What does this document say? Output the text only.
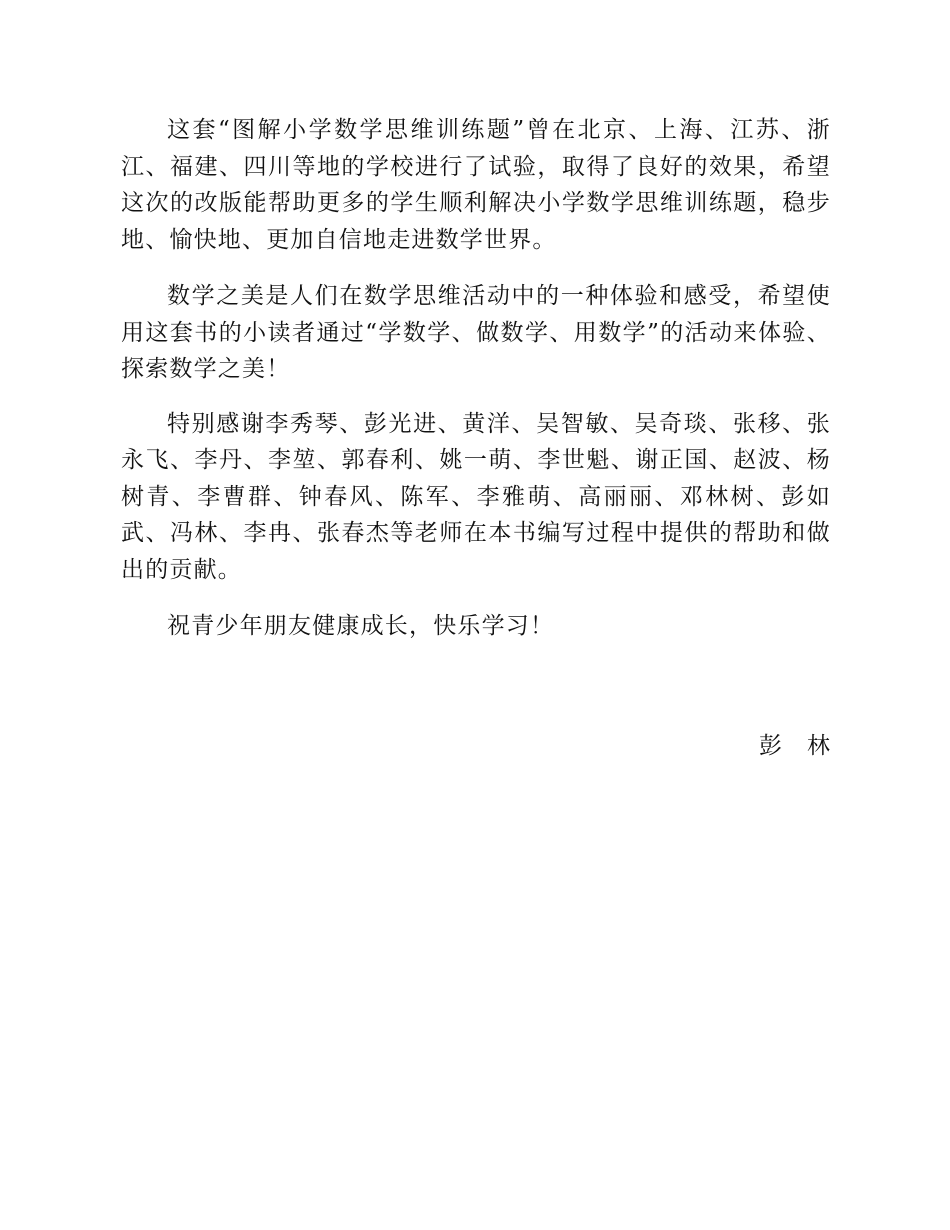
这套“图解小学数学思维训练题”曾在北京、上海、江苏、浙江、福建、四川等地的学校进行了试验，取得了良好的效果，希望这次的改版能帮助更多的学生顺利解决小学数学思维训练题，稳步地、愉快地、更加自信地走进数学世界。

数学之美是人们在数学思维活动中的一种体验和感受，希望使用这套书的小读者通过“学数学、做数学、用数学”的活动来体验、探索数学之美！

特别感谢李秀琴、彭光进、黄洋、吴智敏、吴奇琰、张移、张永飞、李丹、李堃、郭春利、姚一萌、李世魁、谢正国、赵波、杨树青、李曹群、钟春风、陈军、李雅萌、高丽丽、邓林树、彭如武、冯林、李冉、张春杰等老师在本书编写过程中提供的帮助和做出的贡献。

祝青少年朋友健康成长，快乐学习！

彭　林
